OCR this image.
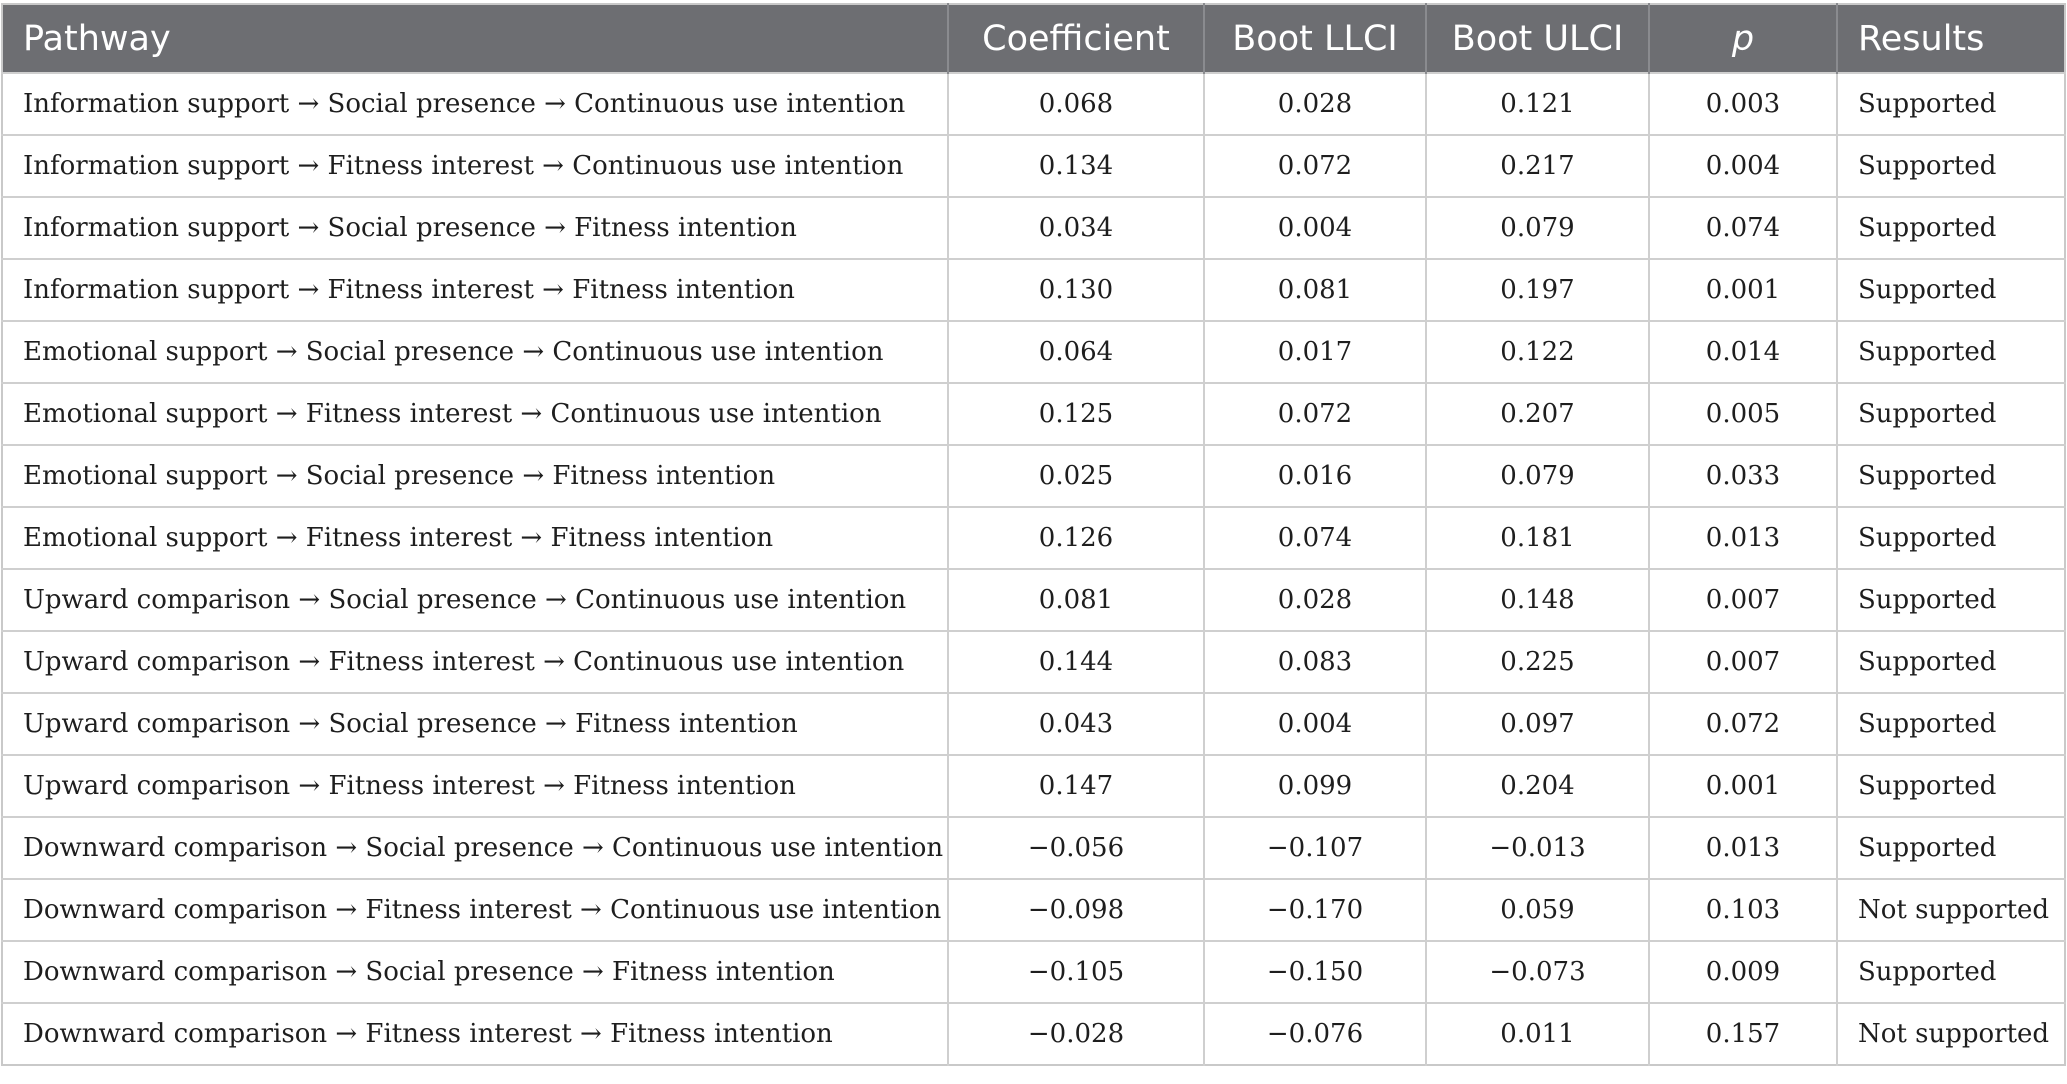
Pathway	Coefficient	Boot LLCI	Boot ULCI	p	Results
Information support → Social presence → Continuous use intention	0.068	0.028	0.121	0.003	Supported
Information support → Fitness interest → Continuous use intention	0.134	0.072	0.217	0.004	Supported
Information support → Social presence → Fitness intention	0.034	0.004	0.079	0.074	Supported
Information support → Fitness interest → Fitness intention	0.130	0.081	0.197	0.001	Supported
Emotional support → Social presence → Continuous use intention	0.064	0.017	0.122	0.014	Supported
Emotional support → Fitness interest → Continuous use intention	0.125	0.072	0.207	0.005	Supported
Emotional support → Social presence → Fitness intention	0.025	0.016	0.079	0.033	Supported
Emotional support → Fitness interest → Fitness intention	0.126	0.074	0.181	0.013	Supported
Upward comparison → Social presence → Continuous use intention	0.081	0.028	0.148	0.007	Supported
Upward comparison → Fitness interest → Continuous use intention	0.144	0.083	0.225	0.007	Supported
Upward comparison → Social presence → Fitness intention	0.043	0.004	0.097	0.072	Supported
Upward comparison → Fitness interest → Fitness intention	0.147	0.099	0.204	0.001	Supported
Downward comparison → Social presence → Continuous use intention	−0.056	−0.107	−0.013	0.013	Supported
Downward comparison → Fitness interest → Continuous use intention	−0.098	−0.170	0.059	0.103	Not supported
Downward comparison → Social presence → Fitness intention	−0.105	−0.150	−0.073	0.009	Supported
Downward comparison → Fitness interest → Fitness intention	−0.028	−0.076	0.011	0.157	Not supported
